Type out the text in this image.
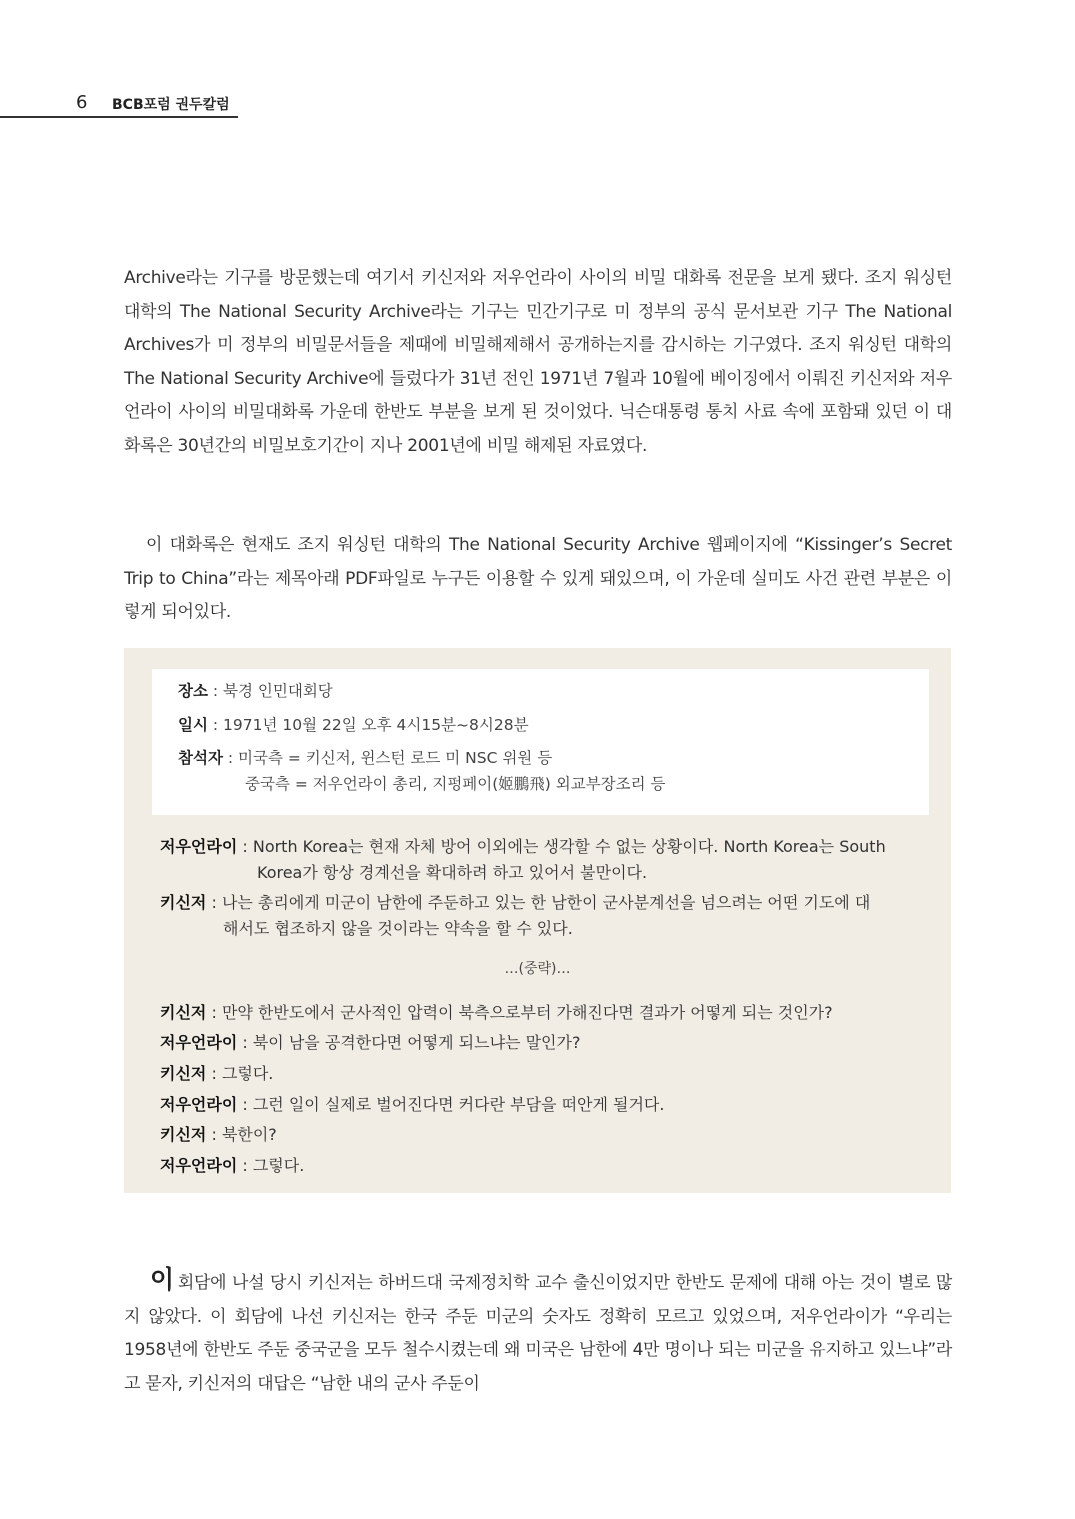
6 BCB포럼 권두칼럼
Archive라는 기구를 방문했는데 여기서 키신저와 저우언라이 사이의 비밀 대화록 전문을 보게 됐다. 조지 워싱턴 대학의 The National Security Archive라는 기구는 민간기구로 미 정부의 공식 문서보관 기구 The National Archives가 미 정부의 비밀문서들을 제때에 비밀해제해서 공개하는지를 감시하는 기구였다. 조지 워싱턴 대학의 The National Security Archive에 들렀다가 31년 전인 1971년 7월과 10월에 베이징에서 이뤄진 키신저와 저우언라이 사이의 비밀대화록 가운데 한반도 부분을 보게 된 것이었다. 닉슨대통령 통치 사료 속에 포함돼 있던 이 대화록은 30년간의 비밀보호기간이 지나 2001년에 비밀 해제된 자료였다.
이 대화록은 현재도 조지 워싱턴 대학의 The National Security Archive 웹페이지에 “Kissinger’s Secret Trip to China”라는 제목아래 PDF파일로 누구든 이용할 수 있게 돼있으며, 이 가운데 실미도 사건 관련 부분은 이렇게 되어있다.
장소 : 북경 인민대회당
일시 : 1971년 10월 22일 오후 4시15분~8시28분
참석자 : 미국측 = 키신저, 윈스턴 로드 미 NSC 위원 등
중국측 = 저우언라이 총리, 지펑페이(姬鵬飛) 외교부장조리 등
저우언라이 : North Korea는 현재 자체 방어 이외에는 생각할 수 없는 상황이다. North Korea는 South
Korea가 항상 경계선을 확대하려 하고 있어서 불만이다.
키신저 : 나는 총리에게 미군이 남한에 주둔하고 있는 한 남한이 군사분계선을 넘으려는 어떤 기도에 대
해서도 협조하지 않을 것이라는 약속을 할 수 있다.
…(중략)…
키신저 : 만약 한반도에서 군사적인 압력이 북측으로부터 가해진다면 결과가 어떻게 되는 것인가?
저우언라이 : 북이 남을 공격한다면 어떻게 되느냐는 말인가?
키신저 : 그렇다.
저우언라이 : 그런 일이 실제로 벌어진다면 커다란 부담을 떠안게 될거다.
키신저 : 북한이?
저우언라이 : 그렇다.
이 회담에 나설 당시 키신저는 하버드대 국제정치학 교수 출신이었지만 한반도 문제에 대해 아는 것이 별로 많지 않았다. 이 회담에 나선 키신저는 한국 주둔 미군의 숫자도 정확히 모르고 있었으며, 저우언라이가 “우리는 1958년에 한반도 주둔 중국군을 모두 철수시켰는데 왜 미국은 남한에 4만 명이나 되는 미군을 유지하고 있느냐”라고 묻자, 키신저의 대답은 “남한 내의 군사 주둔이
